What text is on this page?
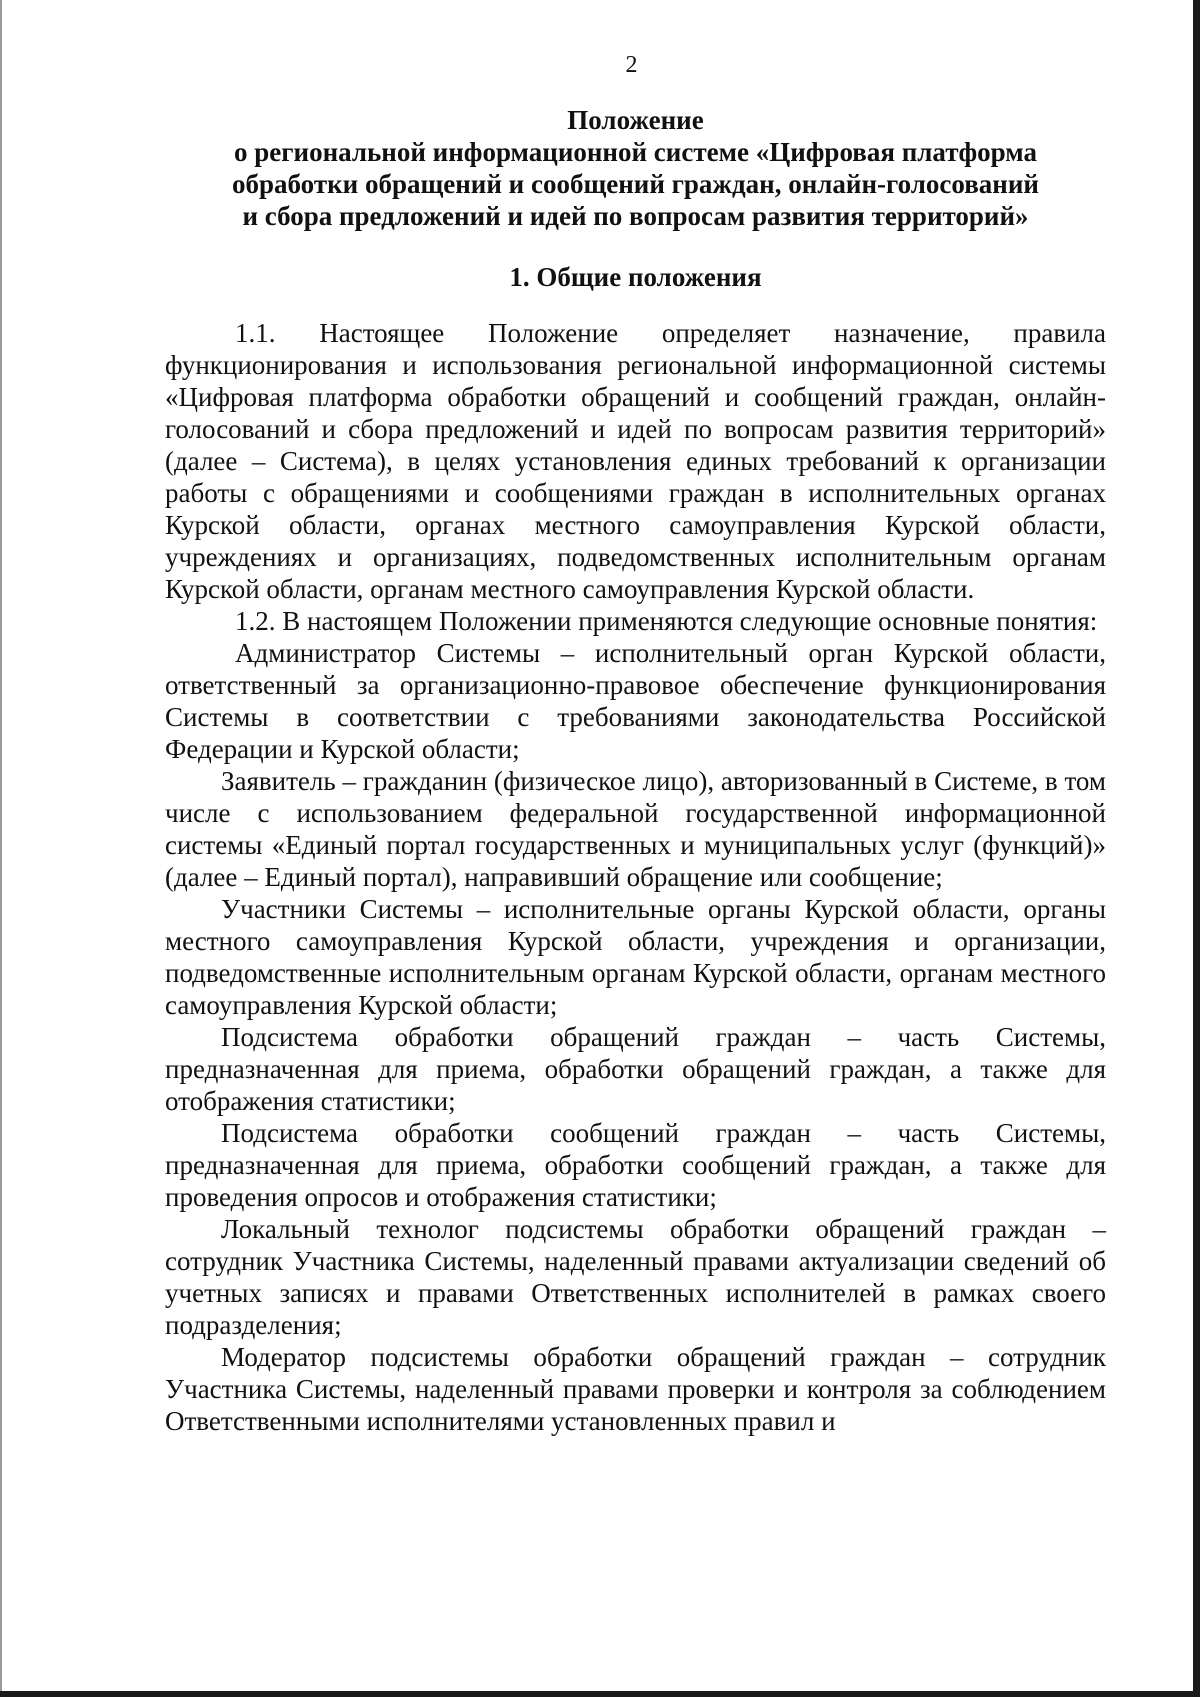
2

Положение

о региональной информационной системе «Цифровая платформа

обработки обращений и сообщений граждан, онлайн-голосований

и сбора предложений и идей по вопросам развития территорий»

1. Общие положения

1.1. Настоящее Положение определяет назначение, правила функционирования и использования региональной информационной системы «Цифровая платформа обработки обращений и сообщений граждан, онлайн-голосований и сбора предложений и идей по вопросам развития территорий» (далее – Система), в целях установления единых требований к организации работы с обращениями и сообщениями граждан в исполнительных органах Курской области, органах местного самоуправления Курской области, учреждениях и организациях, подведомственных исполнительным органам Курской области, органам местного самоуправления Курской области.

1.2. В настоящем Положении применяются следующие основные понятия:

Администратор Системы – исполнительный орган Курской области, ответственный за организационно-правовое обеспечение функционирования Системы в соответствии с требованиями законодательства Российской Федерации и Курской области;

Заявитель – гражданин (физическое лицо), авторизованный в Системе, в том числе с использованием федеральной государственной информационной системы «Единый портал государственных и муниципальных услуг (функций)» (далее – Единый портал), направивший обращение или сообщение;

Участники Системы – исполнительные органы Курской области, органы местного самоуправления Курской области, учреждения и организации, подведомственные исполнительным органам Курской области, органам местного самоуправления Курской области;

Подсистема обработки обращений граждан – часть Системы, предназначенная для приема, обработки обращений граждан, а также для отображения статистики;

Подсистема обработки сообщений граждан – часть Системы, предназначенная для приема, обработки сообщений граждан, а также для проведения опросов и отображения статистики;

Локальный технолог подсистемы обработки обращений граждан – сотрудник Участника Системы, наделенный правами актуализации сведений об учетных записях и правами Ответственных исполнителей в рамках своего подразделения;

Модератор подсистемы обработки обращений граждан – сотрудник Участника Системы, наделенный правами проверки и контроля за соблюдением Ответственными исполнителями установленных правил и
